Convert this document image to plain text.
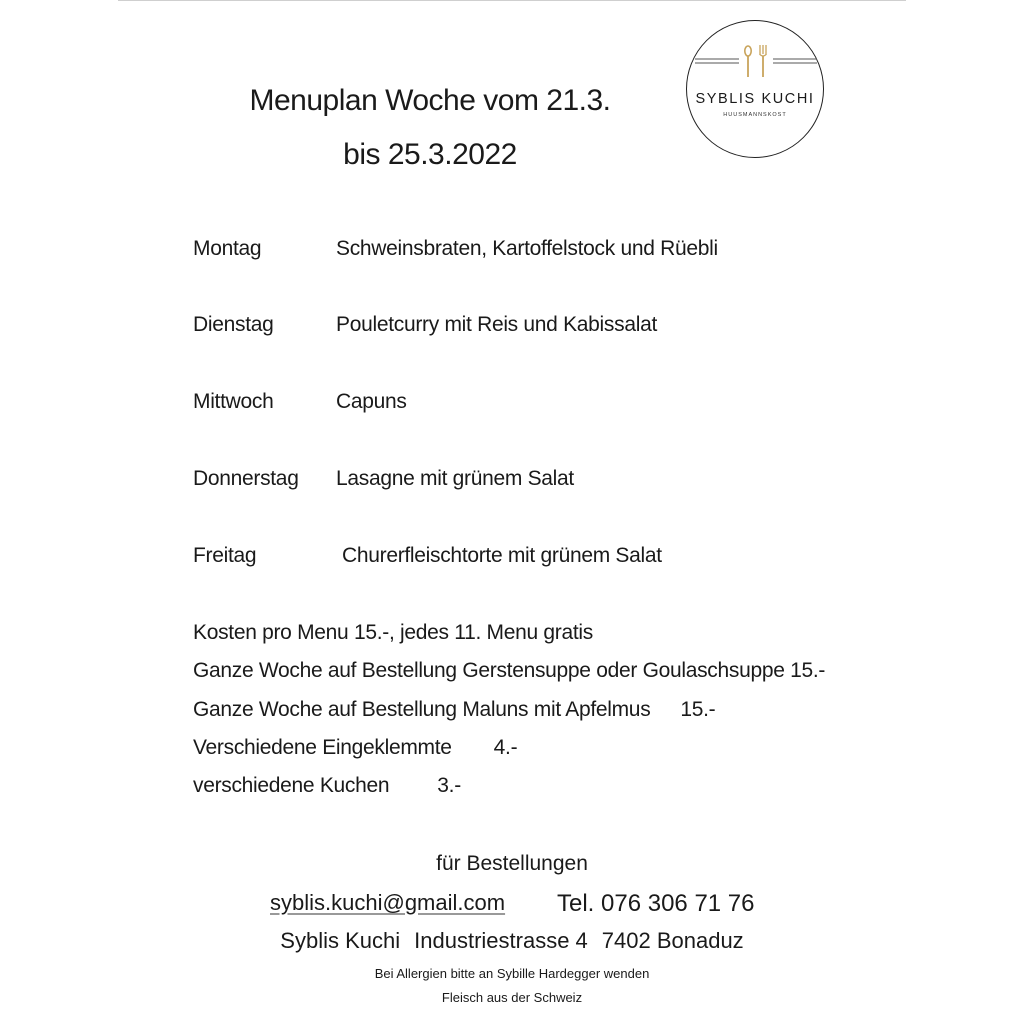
Menuplan Woche vom 21.3.
bis 25.3.2022
SYBLIS KUCHI
HUUSMANNSKOST
Montag	Schweinsbraten, Kartoffelstock und Rüebli
Dienstag	Pouletcurry mit Reis und Kabissalat
Mittwoch	Capuns
Donnerstag Lasagne mit grünem Salat
Freitag	Churerfleischtorte mit grünem Salat
Kosten pro Menu 15.-, jedes 11. Menu gratis
Ganze Woche auf Bestellung Gerstensuppe oder Goulaschsuppe 15.-
Ganze Woche auf Bestellung Maluns mit Apfelmus 15.-
Verschiedene Eingeklemmte 4.-
verschiedene Kuchen 3.-
für Bestellungen
syblis.kuchi@gmail.com Tel. 076 306 71 76
Syblis Kuchi Industriestrasse 4 7402 Bonaduz
Bei Allergien bitte an Sybille Hardegger wenden
Fleisch aus der Schweiz
